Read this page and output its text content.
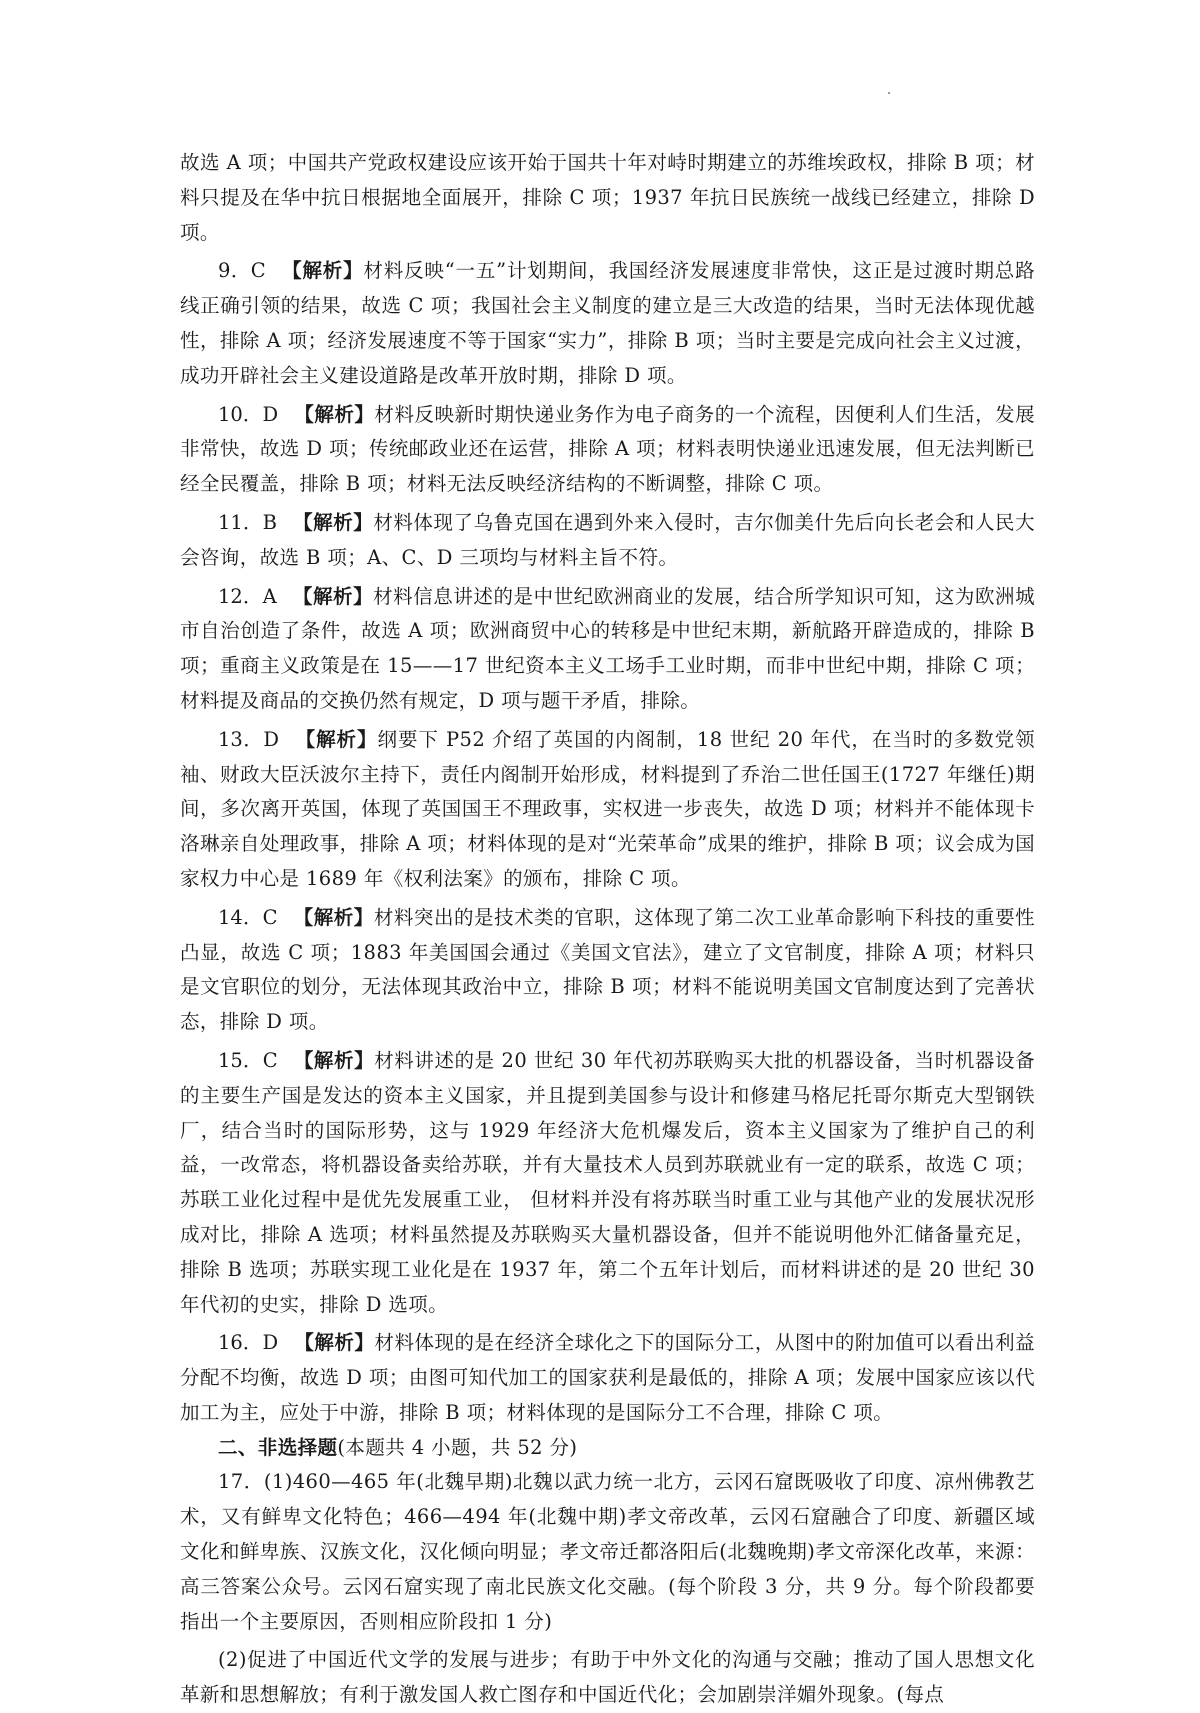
故选 A 项；中国共产党政权建设应该开始于国共十年对峙时期建立的苏维埃政权，排除 B 项；材料只提及在华中抗日根据地全面展开，排除 C 项；1937 年抗日民族统一战线已经建立，排除 D 项。

9．C 【解析】材料反映“一五”计划期间，我国经济发展速度非常快，这正是过渡时期总路线正确引领的结果，故选 C 项；我国社会主义制度的建立是三大改造的结果，当时无法体现优越性，排除 A 项；经济发展速度不等于国家“实力”，排除 B 项；当时主要是完成向社会主义过渡，成功开辟社会主义建设道路是改革开放时期，排除 D 项。

10．D 【解析】材料反映新时期快递业务作为电子商务的一个流程，因便利人们生活，发展非常快，故选 D 项；传统邮政业还在运营，排除 A 项；材料表明快递业迅速发展，但无法判断已经全民覆盖，排除 B 项；材料无法反映经济结构的不断调整，排除 C 项。

11．B 【解析】材料体现了乌鲁克国在遇到外来入侵时，吉尔伽美什先后向长老会和人民大会咨询，故选 B 项；A、C、D 三项均与材料主旨不符。

12．A 【解析】材料信息讲述的是中世纪欧洲商业的发展，结合所学知识可知，这为欧洲城市自治创造了条件，故选 A 项；欧洲商贸中心的转移是中世纪末期，新航路开辟造成的，排除 B 项；重商主义政策是在 15——17 世纪资本主义工场手工业时期，而非中世纪中期，排除 C 项；材料提及商品的交换仍然有规定，D 项与题干矛盾，排除。

13．D 【解析】纲要下 P52 介绍了英国的内阁制，18 世纪 20 年代，在当时的多数党领袖、财政大臣沃波尔主持下，责任内阁制开始形成，材料提到了乔治二世任国王(1727 年继任)期间，多次离开英国，体现了英国国王不理政事，实权进一步丧失，故选 D 项；材料并不能体现卡洛琳亲自处理政事，排除 A 项；材料体现的是对“光荣革命”成果的维护，排除 B 项；议会成为国家权力中心是 1689 年《权利法案》的颁布，排除 C 项。

14．C 【解析】材料突出的是技术类的官职，这体现了第二次工业革命影响下科技的重要性凸显，故选 C 项；1883 年美国国会通过《美国文官法》，建立了文官制度，排除 A 项；材料只是文官职位的划分，无法体现其政治中立，排除 B 项；材料不能说明美国文官制度达到了完善状态，排除 D 项。

15．C 【解析】材料讲述的是 20 世纪 30 年代初苏联购买大批的机器设备，当时机器设备的主要生产国是发达的资本主义国家，并且提到美国参与设计和修建马格尼托哥尔斯克大型钢铁厂，结合当时的国际形势，这与 1929 年经济大危机爆发后，资本主义国家为了维护自己的利益，一改常态，将机器设备卖给苏联，并有大量技术人员到苏联就业有一定的联系，故选 C 项；苏联工业化过程中是优先发展重工业， 但材料并没有将苏联当时重工业与其他产业的发展状况形成对比，排除 A 选项；材料虽然提及苏联购买大量机器设备，但并不能说明他外汇储备量充足，排除 B 选项；苏联实现工业化是在 1937 年，第二个五年计划后，而材料讲述的是 20 世纪 30 年代初的史实，排除 D 选项。

16．D 【解析】材料体现的是在经济全球化之下的国际分工，从图中的附加值可以看出利益分配不均衡，故选 D 项；由图可知代加工的国家获利是最低的，排除 A 项；发展中国家应该以代加工为主，应处于中游，排除 B 项；材料体现的是国际分工不合理，排除 C 项。

二、非选择题(本题共 4 小题，共 52 分)

17．(1)460—465 年(北魏早期)北魏以武力统一北方，云冈石窟既吸收了印度、凉州佛教艺术，又有鲜卑文化特色；466—494 年(北魏中期)孝文帝改革，云冈石窟融合了印度、新疆区域文化和鲜卑族、汉族文化，汉化倾向明显；孝文帝迁都洛阳后(北魏晚期)孝文帝深化改革，来源：高三答案公众号。云冈石窟实现了南北民族文化交融。(每个阶段 3 分，共 9 分。每个阶段都要指出一个主要原因，否则相应阶段扣 1 分)

(2)促进了中国近代文学的发展与进步；有助于中外文化的沟通与交融；推动了国人思想文化革新和思想解放；有利于激发国人救亡图存和中国近代化；会加剧崇洋媚外现象。(每点
